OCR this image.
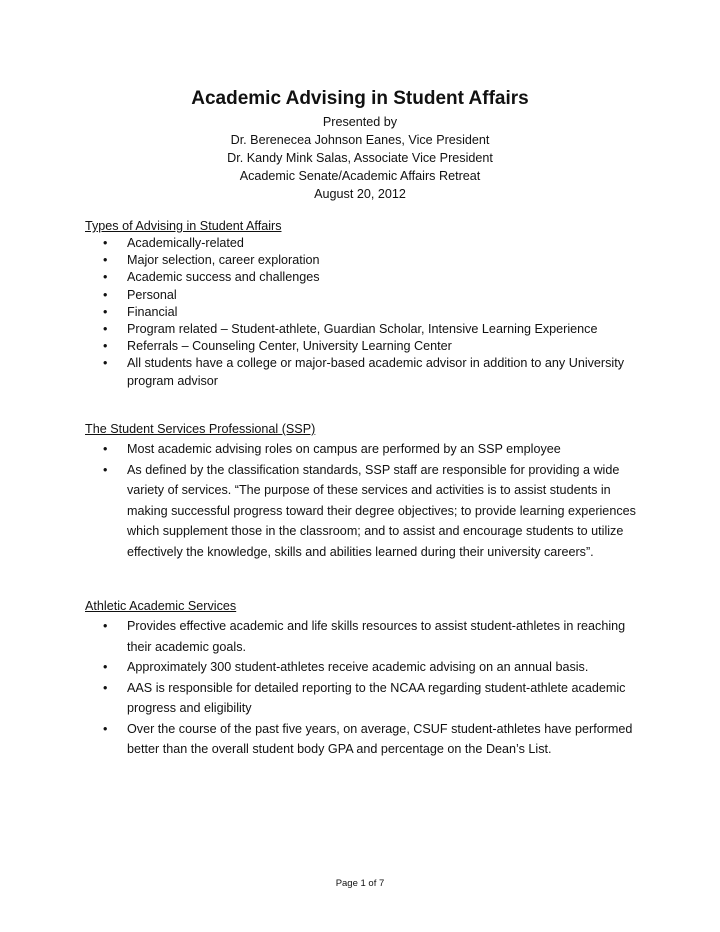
Academic Advising in Student Affairs
Presented by
Dr. Berenecea Johnson Eanes, Vice President
Dr. Kandy Mink Salas, Associate Vice President
Academic Senate/Academic Affairs Retreat
August 20, 2012
Types of Advising in Student Affairs
• Academically-related
• Major selection, career exploration
• Academic success and challenges
• Personal
• Financial
• Program related – Student-athlete, Guardian Scholar, Intensive Learning Experience
• Referrals – Counseling Center, University Learning Center
• All students have a college or major-based academic advisor in addition to any University program advisor
The Student Services Professional (SSP)
• Most academic advising roles on campus are performed by an SSP employee
• As defined by the classification standards, SSP staff are responsible for providing a wide variety of services. “The purpose of these services and activities is to assist students in making successful progress toward their degree objectives; to provide learning experiences which supplement those in the classroom; and to assist and encourage students to utilize effectively the knowledge, skills and abilities learned during their university careers”.
Athletic Academic Services
• Provides effective academic and life skills resources to assist student-athletes in reaching their academic goals.
• Approximately 300 student-athletes receive academic advising on an annual basis.
• AAS is responsible for detailed reporting to the NCAA regarding student-athlete academic progress and eligibility
• Over the course of the past five years, on average, CSUF student-athletes have performed better than the overall student body GPA and percentage on the Dean’s List.
Page 1 of 7
